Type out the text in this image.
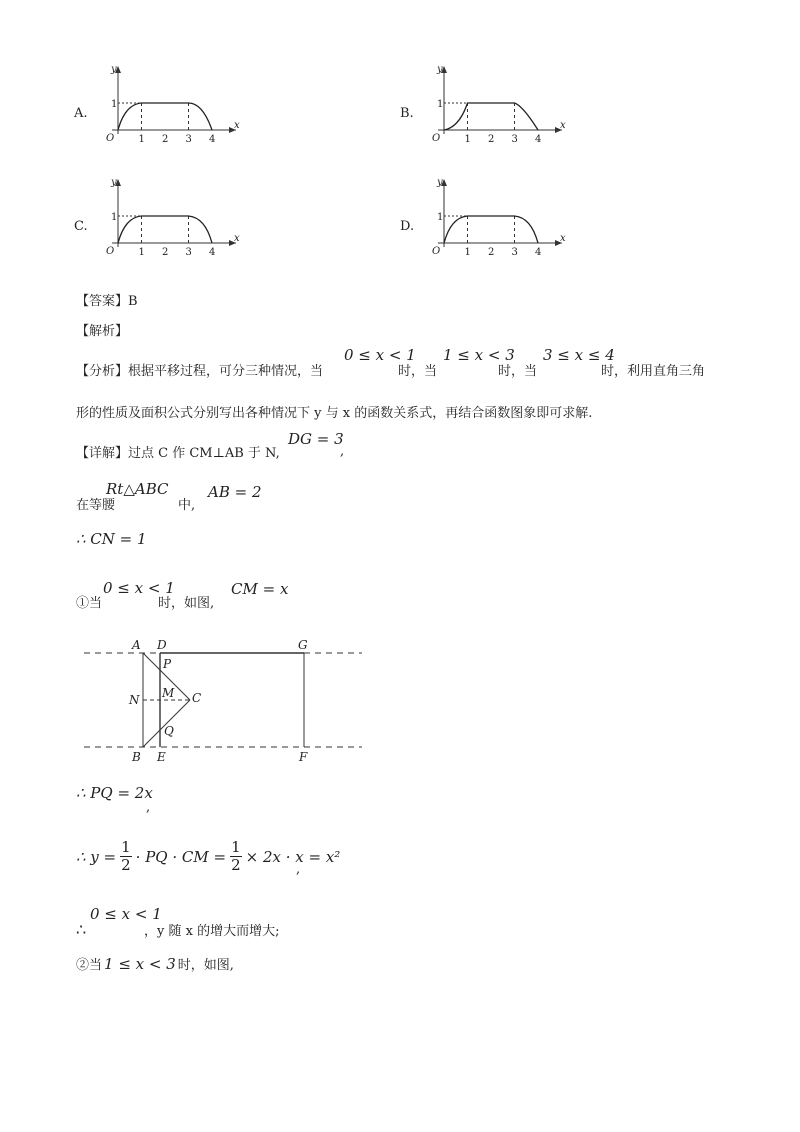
A.
y
x
O
1
1 2 3 4
B.
y
x
O
1
1 2 3 4
C.
y
x
O
1
1 2 3 4
D.
y
x
O
1
1 2 3 4
【答案】B
【解析】
【分析】根据平移过程，可分三种情况，当
0 ≤ x < 1
时，当
1 ≤ x < 3
时，当
3 ≤ x ≤ 4
时，利用直角三角
形的性质及面积公式分别写出各种情况下 y 与 x 的函数关系式，再结合函数图象即可求解.
【详解】过点 C 作 CM⊥AB 于 N,
DG = 3
,
在等腰
Rt△ABC
中,
AB = 2
∴ CN = 1
①当
0 ≤ x < 1
时，如图,
CM = x
A D	G
P
N M C
Q
B E	F
∴ PQ = 2x
,
∴ $y = \frac{1}{2}$ · PQ · CM = $\frac{1}{2} \times 2x \cdot x = x^2$
,
∴
0 ≤ x < 1
，y 随 x 的增大而增大;
②当 1 ≤ x < 3 时，如图,
